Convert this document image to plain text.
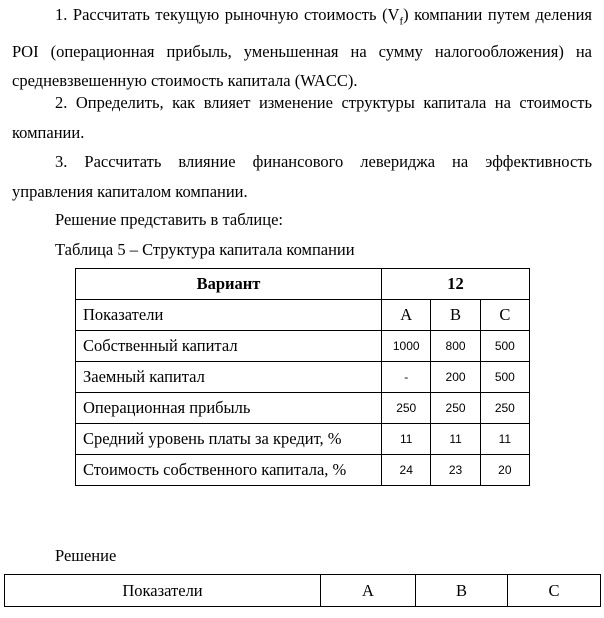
1. Рассчитать текущую рыночную стоимость $(V_f)$ компании путем деления POI (операционная прибыль, уменьшенная на сумму налогообложения) на средневзвешенную стоимость капитала (WACC).

2. Определить, как влияет изменение структуры капитала на стоимость компании.

3. Рассчитать влияние финансового левериджа на эффективность управления капиталом компании.

Решение представить в таблице:

Таблица 5 – Структура капитала компании

Вариант	12		
Показатели	A	B	C
Собственный капитал	1000	800	500
Заемный капитал	-	200	500
Операционная прибыль	250	250	250
Средний уровень платы за кредит, %	11	11	11
Стоимость собственного капитала, %	24	23	20

Решение

Показатели	A	B	C
